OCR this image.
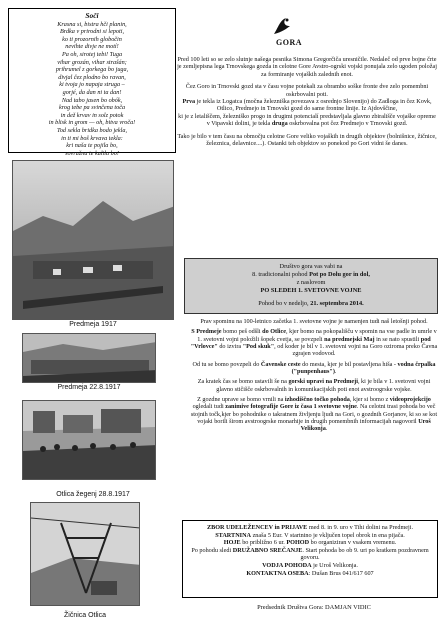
Soči
Krasna si, bistra hči planin,
Brdka v prirodni si lepoti,
ko ti prozornih globočin
nevihte divje ne motí!
Pa oh, sirotej tebi! Tuga
vihar grozán, vihar strašán;
prihrumel z gorkega bo juga,
divjal čez plodno bo ravan,
ki tvoja jo napaja struga –
gorjé, da dan ni ta dan!
Nad tabo jasen bo obók,
krog tebe pa svinčena toča
in dež krvav in solz potok
in blisk in grom — oh, bitva vroča!
Tod sekla bridka bodo jekla,
in ti mi boš krvava tekla:
kri naša te pojila bo,
sovražna te kalila bo!
GORA

Pred 100 leti so se zelo slutnje našega pesnika Simona Gregorčiča uresničile. Nedaleč od prve bojne črte je zemljepisna lega Trnovskega gozda in celotne Gore Avstro-ogrski vojski ponujala zelo ugoden položaj za formiranje vojaških zalednih enot.

Čez Goro in Trnovski gozd sta v času vojne potekali za obrambo soške fronte dve zelo pomembni oskrbovalni poti.
Prva je tekla iz Logatca (močna železniška povezava z osrednjo Slovenijo) do Zadloga in čez Kovk, Otlico, Predmejo in Trnovski gozd do same frontne linije. Iz Ajdovščine,
ki je z letališčem, železniško progo in drugimi potencialí predstavljala glavno zbirališče vojaške opreme v Vipavski dolini, je tekla druga oskrbovalna pot čez Predmejo v Trnovski gozd.

Tako je bilo v tem času na območju celotne Gore veliko vojaških in drugih objektov (bolnišnice, žičnice, železnica, delavnice....). Ostanki teh objektov so ponekod po Gori vidni še danes.

Predmeja 1917
Predmeja 22.8.1917
Otlica žegenj 28.8.1917
Žičnica Otlica
Društvo gora vas vabi na
8. tradicionalni pohod Pot po Dolu gor in dol,
z naslovom
PO SLEDEH 1. SVETOVNE VOJNE
Pohod bo v nedeljo, 21. septembra 2014.

Prav spominu na 100-letnico začetka 1. svetovne vojne je namenjen tudi naš letošnji pohod.

S Predmeje bomo peš odšli do Otlice, kjer bomo na pokopališču v spomin na vse padle in umrle v 1. svetovni vojni položili šopek cvetja, se povzpeli na predmejski Maj in se nato spustili pod "Vrlovce" do izvira "Pod skuk", od koder je bil v 1. svetovni vojni na Goro oziroma preko Čavna zgrajen vodovod.

Od tu se bomo povzpeli do Čavenske ceste do mesta, kjer je bil postavljena hiša - vodna črpalka ("punpenhaus").

Za kratek čas se bomo ustavili še na gorski upravi na Predmeji, ki je bila v 1. svetovni vojni glavno stičišče oskrbovalnih in komunikacijskih poti enot avstroogrske vojske.

Z gozdne uprave se bomo vrnili na izhodiščno točko pohoda, kjer si bomo z videoprojekcijo ogledali tudi zanimive fotografije Gore iz časa 1 svetovne vojne. Na celotni trasi pohoda bo več stojnih točk,kjer bo pohodnike o takratnem življenju ljudi na Gori, o gozdnih Gorjanov, ki so se kot vojaki borili širom avstroogrske monarhije in drugih pomembnih informacijah nagovoril Uroš Velikonja.

ZBOR UDELEŽENCEV in PRIJAVE med 8. in 9. uro v Tihi dolini na Predmeji.
STARTNINA znaša 5 Eur. V startnino je vključen topel obrok in ena pijača.
HOJE bo približno 6 ur. POHOD bo organiziran v vsakem vremenu.
Po pohodu sledi DRUŽABNO SREČANJE. Start pohoda bo ob 9. uri po kratkem pozdravnem govoru.
VODJA POHODA je Uroš Velikonja.
KONTAKTNA OSEBA: Dušan Brus 041/617 607
Predsednik Društva Gora: DAMJAN VIDIC
